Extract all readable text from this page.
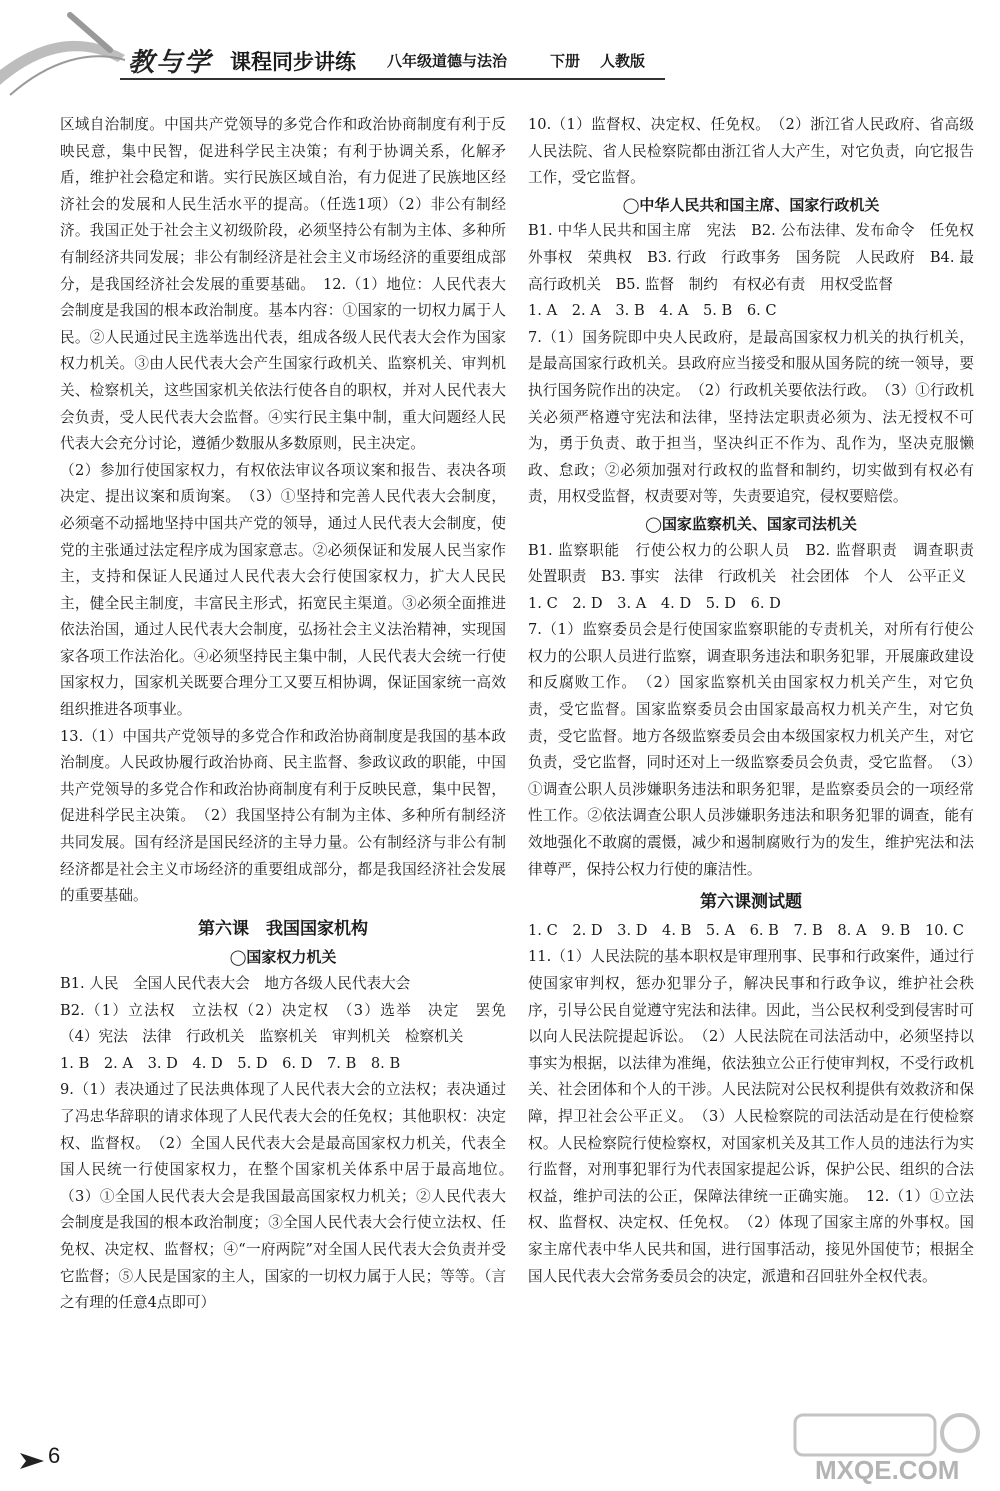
教与学 课程同步讲练 八年级道德与法治	下册 人教版

区域自治制度。中国共产党领导的多党合作和政治协商制度有利于反映民意，集中民智，促进科学民主决策；有利于协调关系，化解矛盾，维护社会稳定和谐。实行民族区域自治，有力促进了民族地区经济社会的发展和人民生活水平的提高。（任选1项）（2）非公有制经济。我国正处于社会主义初级阶段，必须坚持公有制为主体、多种所有制经济共同发展；非公有制经济是社会主义市场经济的重要组成部分，是我国经济社会发展的重要基础。　12.（1）地位：人民代表大会制度是我国的根本政治制度。基本内容：①国家的一切权力属于人民。②人民通过民主选举选出代表，组成各级人民代表大会作为国家权力机关。③由人民代表大会产生国家行政机关、监察机关、审判机关、检察机关，这些国家机关依法行使各自的职权，并对人民代表大会负责，受人民代表大会监督。④实行民主集中制，重大问题经人民代表大会充分讨论，遵循少数服从多数原则，民主决定。

（2）参加行使国家权力，有权依法审议各项议案和报告、表决各项决定、提出议案和质询案。　（3）①坚持和完善人民代表大会制度，必须毫不动摇地坚持中国共产党的领导，通过人民代表大会制度，使党的主张通过法定程序成为国家意志。②必须保证和发展人民当家作主，支持和保证人民通过人民代表大会行使国家权力，扩大人民民主，健全民主制度，丰富民主形式，拓宽民主渠道。③必须全面推进依法治国，通过人民代表大会制度，弘扬社会主义法治精神，实现国家各项工作法治化。④必须坚持民主集中制，人民代表大会统一行使国家权力，国家机关既要合理分工又要互相协调，保证国家统一高效组织推进各项事业。

13.（1）中国共产党领导的多党合作和政治协商制度是我国的基本政治制度。人民政协履行政治协商、民主监督、参政议政的职能，中国共产党领导的多党合作和政治协商制度有利于反映民意，集中民智，促进科学民主决策。　（2）我国坚持公有制为主体、多种所有制经济共同发展。国有经济是国民经济的主导力量。公有制经济与非公有制经济都是社会主义市场经济的重要组成部分，都是我国经济社会发展的重要基础。

第六课　我国国家机构
◯国家权力机关

B1. 人民　全国人民代表大会　地方各级人民代表大会

B2.（1）立法权　立法权（2）决定权　（3）选举　决定　罢免　（4）宪法　法律　行政机关　监察机关　审判机关　检察机关

1. B　2. A　3. D　4. D　5. D　6. D　7. B　8. B

9.（1）表决通过了民法典体现了人民代表大会的立法权；表决通过了冯忠华辞职的请求体现了人民代表大会的任免权；其他职权：决定权、监督权。　（2）全国人民代表大会是最高国家权力机关，代表全国人民统一行使国家权力，在整个国家机关体系中居于最高地位。　（3）①全国人民代表大会是我国最高国家权力机关；②人民代表大会制度是我国的根本政治制度；③全国人民代表大会行使立法权、任免权、决定权、监督权；④“一府两院”对全国人民代表大会负责并受它监督；⑤人民是国家的主人，国家的一切权力属于人民；等等。（言之有理的任意4点即可）

10.（1）监督权、决定权、任免权。　（2）浙江省人民政府、省高级人民法院、省人民检察院都由浙江省人大产生，对它负责，向它报告工作，受它监督。

◯中华人民共和国主席、国家行政机关

B1. 中华人民共和国主席　宪法　B2. 公布法律、发布命令　任免权　外事权　荣典权　B3. 行政　行政事务　国务院　人民政府　B4. 最高行政机关　B5. 监督　制约　有权必有责　用权受监督

1. A　2. A　3. B　4. A　5. B　6. C

7.（1）国务院即中央人民政府，是最高国家权力机关的执行机关，是最高国家行政机关。县政府应当接受和服从国务院的统一领导，要执行国务院作出的决定。　（2）行政机关要依法行政。　（3）①行政机关必须严格遵守宪法和法律，坚持法定职责必须为、法无授权不可为，勇于负责、敢于担当，坚决纠正不作为、乱作为，坚决克服懒政、怠政；②必须加强对行政权的监督和制约，切实做到有权必有责，用权受监督，权责要对等，失责要追究，侵权要赔偿。

◯国家监察机关、国家司法机关

B1. 监察职能　行使公权力的公职人员　B2. 监督职责　调查职责　处置职责　B3. 事实　法律　行政机关　社会团体　个人　公平正义

1. C　2. D　3. A　4. D　5. D　6. D

7.（1）监察委员会是行使国家监察职能的专责机关，对所有行使公权力的公职人员进行监察，调查职务违法和职务犯罪，开展廉政建设和反腐败工作。　（2）国家监察机关由国家权力机关产生，对它负责，受它监督。国家监察委员会由国家最高权力机关产生，对它负责，受它监督。地方各级监察委员会由本级国家权力机关产生，对它负责，受它监督，同时还对上一级监察委员会负责，受它监督。　（3）①调查公职人员涉嫌职务违法和职务犯罪，是监察委员会的一项经常性工作。②依法调查公职人员涉嫌职务违法和职务犯罪的调查，能有效地强化不敢腐的震慑，减少和遏制腐败行为的发生，维护宪法和法律尊严，保持公权力行使的廉洁性。

第六课测试题

1. C　2. D　3. D　4. B　5. A　6. B　7. B　8. A　9. B　10. C

11.（1）人民法院的基本职权是审理刑事、民事和行政案件，通过行使国家审判权，惩办犯罪分子，解决民事和行政争议，维护社会秩序，引导公民自觉遵守宪法和法律。因此，当公民权利受到侵害时可以向人民法院提起诉讼。　（2）人民法院在司法活动中，必须坚持以事实为根据，以法律为准绳，依法独立公正行使审判权，不受行政机关、社会团体和个人的干涉。人民法院对公民权利提供有效救济和保障，捍卫社会公平正义。　（3）人民检察院的司法活动是在行使检察权。人民检察院行使检察权，对国家机关及其工作人员的违法行为实行监督，对刑事犯罪行为代表国家提起公诉，保护公民、组织的合法权益，维护司法的公正，保障法律统一正确实施。　12.（1）①立法权、监督权、决定权、任免权。　（2）体现了国家主席的外事权。国家主席代表中华人民共和国，进行国事活动，接见外国使节；根据全国人民代表大会常务委员会的决定，派遣和召回驻外全权代表。

6	MXQE.COM
